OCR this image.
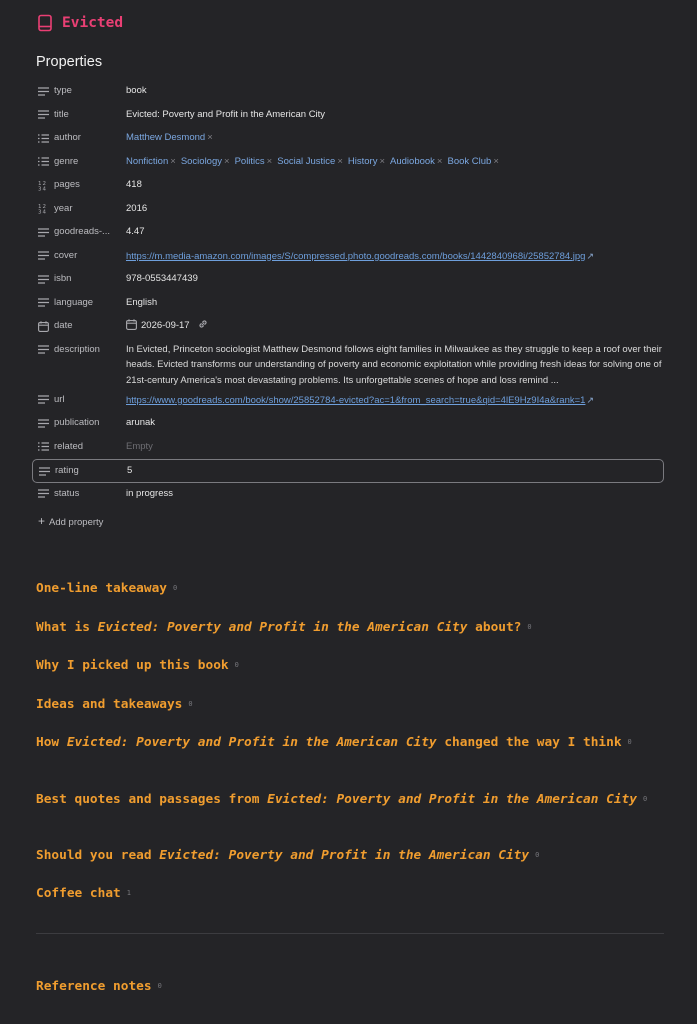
Evicted
Properties
type	book
title	Evicted: Poverty and Profit in the American City
author	Matthew Desmond ×
genre	Nonfiction × Sociology × Politics × Social Justice × History × Audiobook × Book Club ×
1 2
3 4 pages	418
1 2
3 4 year	2016
goodreads-...	4.47
cover	https://m.media-amazon.com/images/S/compressed.photo.goodreads.com/books/1442840968i/25852784.jpg↗
isbn	978-0553447439
language	English
date	2026-09-17
description	In Evicted, Princeton sociologist Matthew Desmond follows eight families in Milwaukee as they struggle to keep a roof over their heads. Evicted transforms our understanding of poverty and economic exploitation while providing fresh ideas for solving one of 21st-century America's most devastating problems. Its unforgettable scenes of hope and loss remind ...
url	https://www.goodreads.com/book/show/25852784-evicted?ac=1&from_search=true&qid=4lE9Hz9I4a&rank=1↗
publication	arunak
related	Empty
rating	5
status	in progress
+ Add property
One-line takeaway 0
What is Evicted: Poverty and Profit in the American City about? 0
Why I picked up this book 0
Ideas and takeaways 0
How Evicted: Poverty and Profit in the American City changed the way I think 0
Best quotes and passages from Evicted: Poverty and Profit in the American City 0
Should you read Evicted: Poverty and Profit in the American City 0
Coffee chat 1
Reference notes 0
